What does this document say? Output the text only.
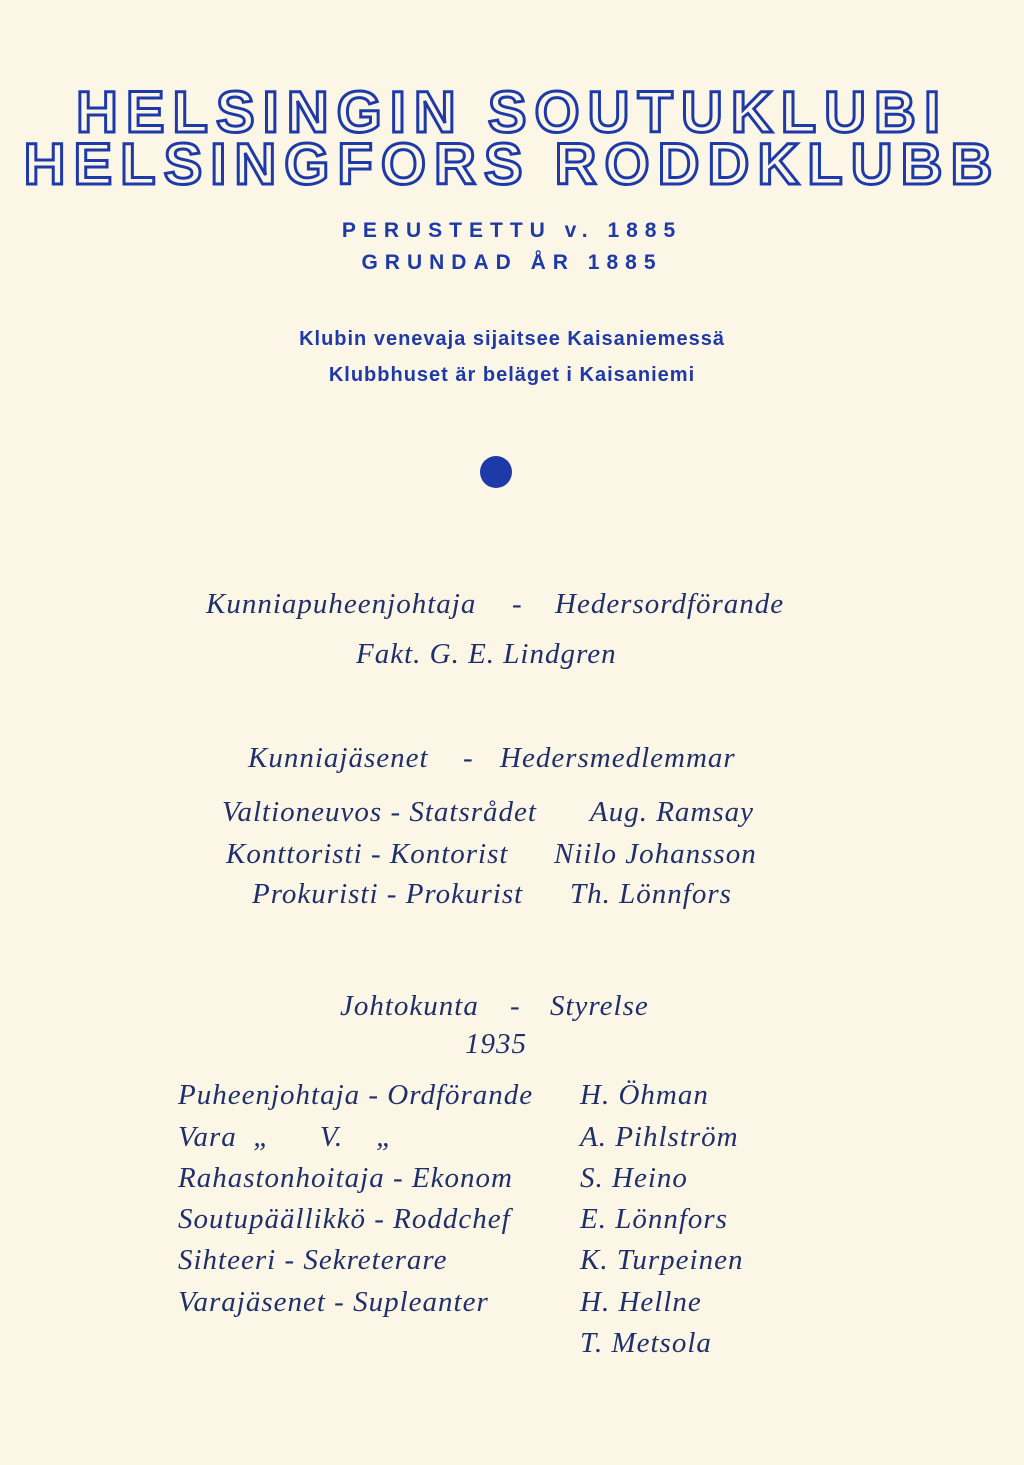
HELSINGIN SOUTUKLUBI
HELSINGFORS RODDKLUBB
PERUSTETTU v. 1885
GRUNDAD ÅR 1885
Klubin venevaja sijaitsee Kaisaniemessä
Klubbhuset är beläget i Kaisaniemi
Kunniapuheenjohtaja - Hedersordförande
Fakt. G. E. Lindgren
Kunniajäsenet - Hedersmedlemmar
Valtioneuvos - Statsrådet Aug. Ramsay
Konttoristi - Kontorist Niilo Johansson
Prokuristi - Prokurist Th. Lönnfors
Johtokunta - Styrelse
1935
Puheenjohtaja - Ordförande H. Öhman
Vara  „      V.    „	A. Pihlström
Rahastonhoitaja - Ekonom S. Heino
Soutupäällikkö - Roddchef E. Lönnfors
Sihteeri - Sekreterare	K. Turpeinen
Varajäsenet - Supleanter	H. Hellne
T. Metsola
